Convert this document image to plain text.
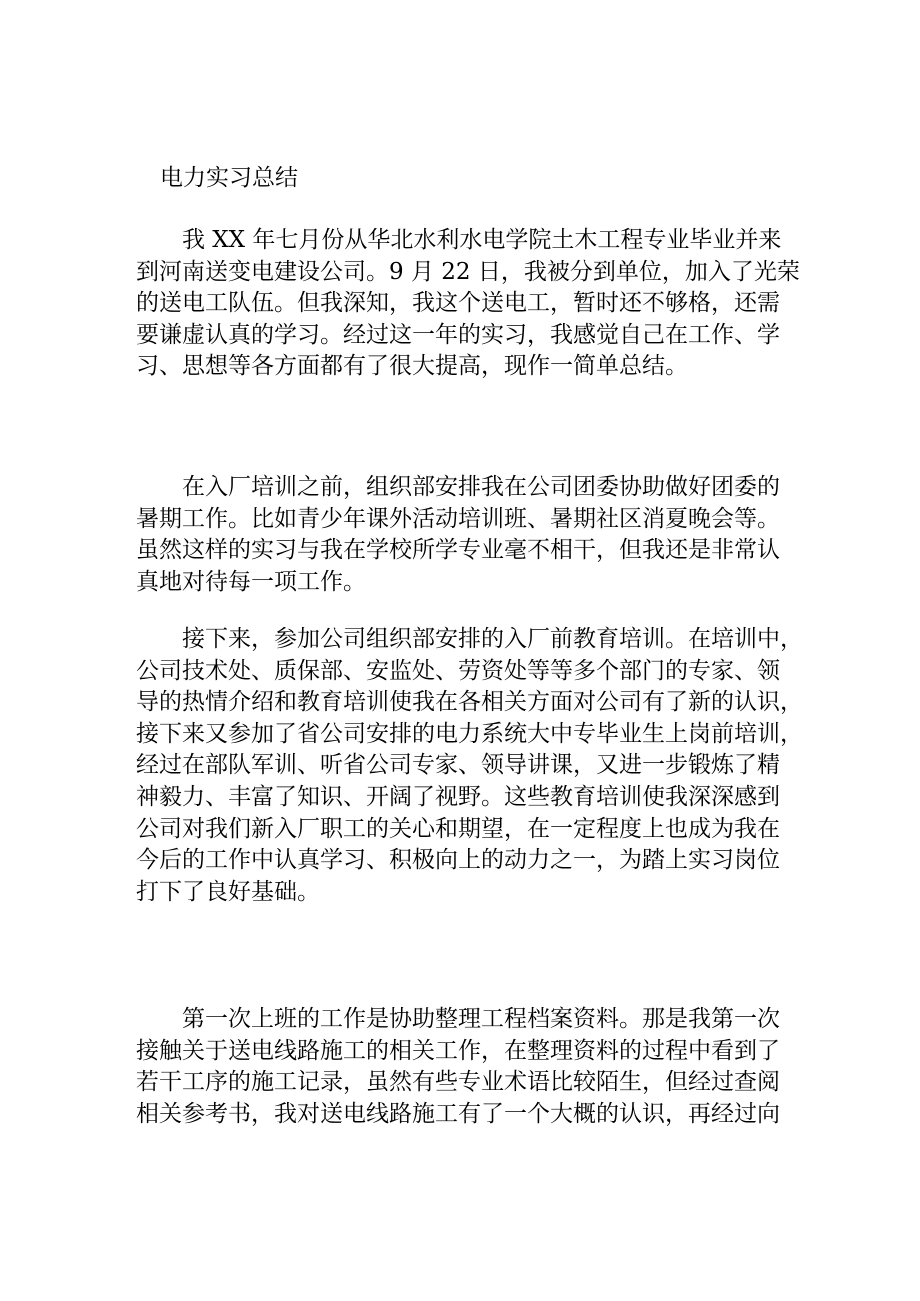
电力实习总结
我 XX 年七月份从华北水利水电学院土木工程专业毕业并来
到河南送变电建设公司。9 月 22 日，我被分到单位，加入了光荣
的送电工队伍。但我深知，我这个送电工，暂时还不够格，还需
要谦虚认真的学习。经过这一年的实习，我感觉自己在工作、学
习、思想等各方面都有了很大提高，现作一简单总结。
在入厂培训之前，组织部安排我在公司团委协助做好团委的
暑期工作。比如青少年课外活动培训班、暑期社区消夏晚会等。
虽然这样的实习与我在学校所学专业毫不相干，但我还是非常认
真地对待每一项工作。
接下来，参加公司组织部安排的入厂前教育培训。在培训中，
公司技术处、质保部、安监处、劳资处等等多个部门的专家、领
导的热情介绍和教育培训使我在各相关方面对公司有了新的认识，
接下来又参加了省公司安排的电力系统大中专毕业生上岗前培训，
经过在部队军训、听省公司专家、领导讲课，又进一步锻炼了精
神毅力、丰富了知识、开阔了视野。这些教育培训使我深深感到
公司对我们新入厂职工的关心和期望，在一定程度上也成为我在
今后的工作中认真学习、积极向上的动力之一，为踏上实习岗位
打下了良好基础。
第一次上班的工作是协助整理工程档案资料。那是我第一次
接触关于送电线路施工的相关工作，在整理资料的过程中看到了
若干工序的施工记录，虽然有些专业术语比较陌生，但经过查阅
相关参考书，我对送电线路施工有了一个大概的认识，再经过向
